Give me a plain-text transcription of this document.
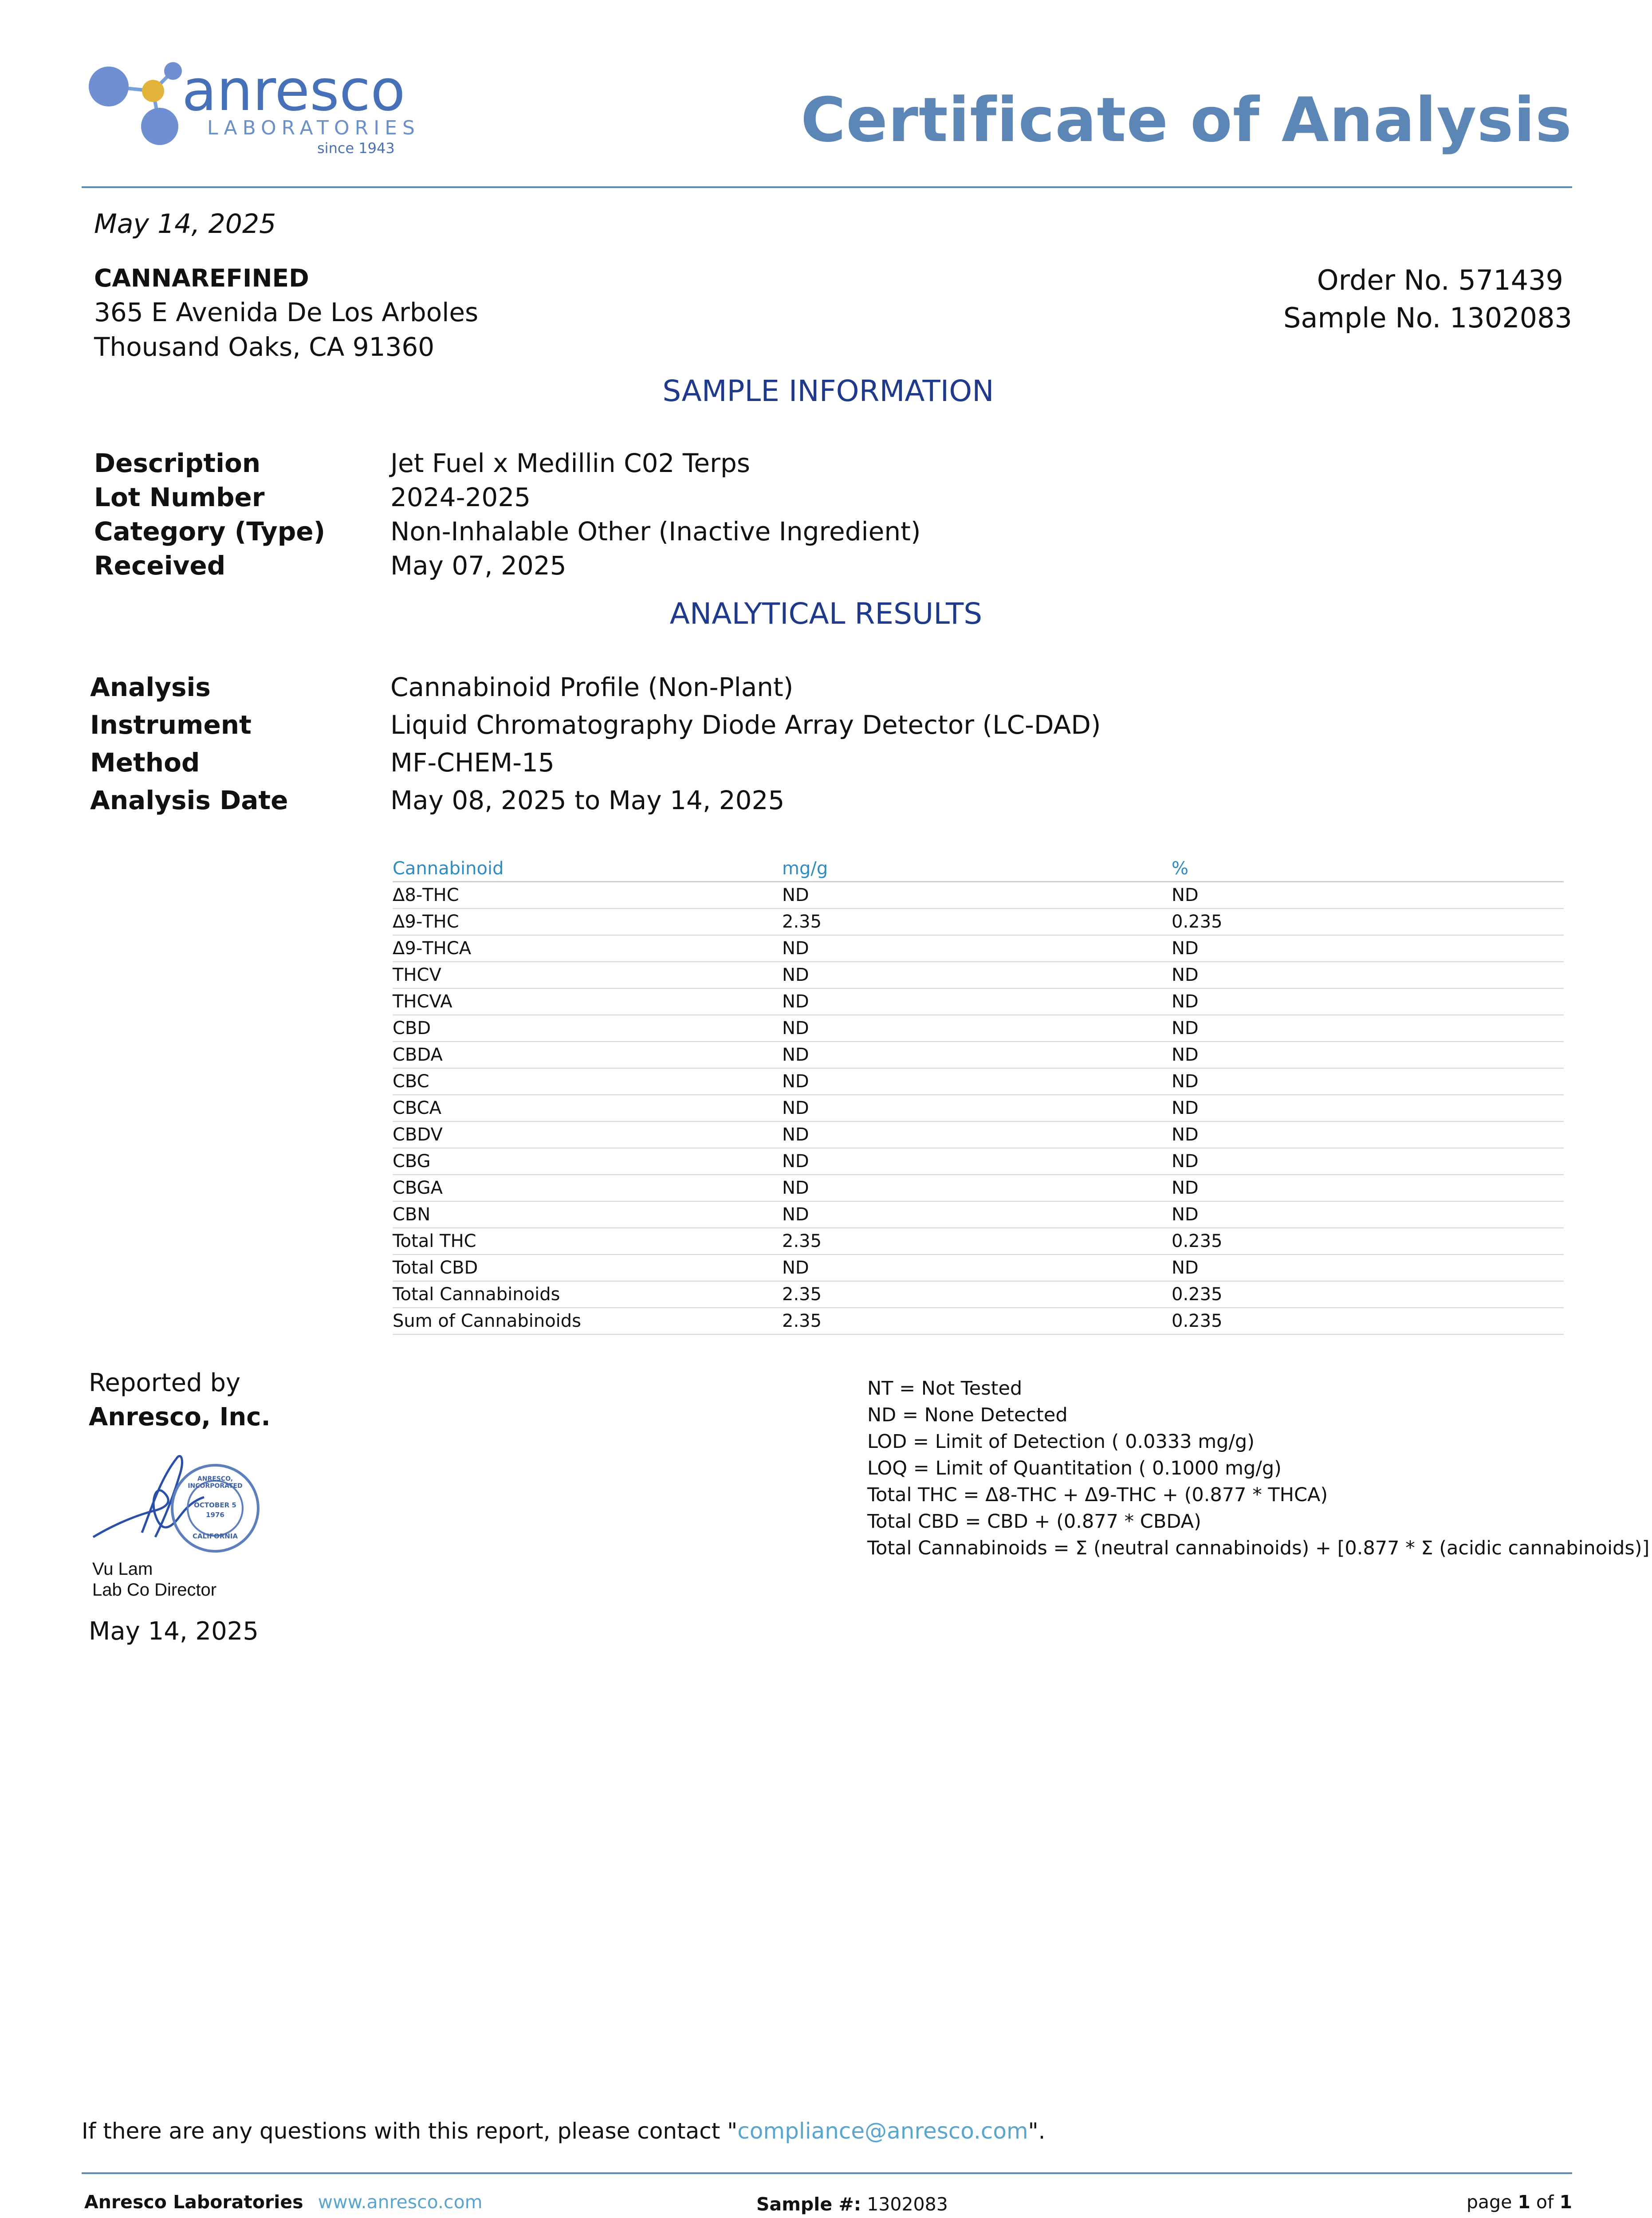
anresco
LABORATORIES
since 1943	Certificate of Analysis
May 14, 2025
CANNAREFINED
365 E Avenida De Los Arboles
Thousand Oaks, CA 91360
Order No. 571439
Sample No. 1302083
SAMPLE INFORMATION
Description	Jet Fuel x Medillin C02 Terps
Lot Number	2024-2025
Category (Type)	Non-Inhalable Other (Inactive Ingredient)
Received	May 07, 2025
ANALYTICAL RESULTS
Analysis	Cannabinoid Profile (Non-Plant)
Instrument	Liquid Chromatography Diode Array Detector (LC-DAD)
Method	MF-CHEM-15
Analysis Date	May 08, 2025 to May 14, 2025
Cannabinoid	mg/g	%
Δ8-THC	ND	ND
Δ9-THC	2.35	0.235
Δ9-THCA	ND	ND
THCV	ND	ND
THCVA	ND	ND
CBD	ND	ND
CBDA	ND	ND
CBC	ND	ND
CBCA	ND	ND
CBDV	ND	ND
CBG	ND	ND
CBGA	ND	ND
CBN	ND	ND
Total THC	2.35	0.235
Total CBD	ND	ND
Total Cannabinoids	2.35	0.235
Sum of Cannabinoids	2.35	0.235
Reported by
Anresco, Inc.
ANRESCO, INCORPORATED
OCTOBER 5
1976
CALIFORNIA
Vu Lam
Lab Co Director
May 14, 2025
NT = Not Tested
ND = None Detected
LOD = Limit of Detection ( 0.0333 mg/g)
LOQ = Limit of Quantitation ( 0.1000 mg/g)
Total THC = Δ8-THC + Δ9-THC + (0.877 * THCA)
Total CBD = CBD + (0.877 * CBDA)
Total Cannabinoids = Σ (neutral cannabinoids) + [0.877 * Σ (acidic cannabinoids)]
If there are any questions with this report, please contact "compliance@anresco.com".
Anresco Laboratories www.anresco.com	Sample #: 1302083	page 1 of 1
